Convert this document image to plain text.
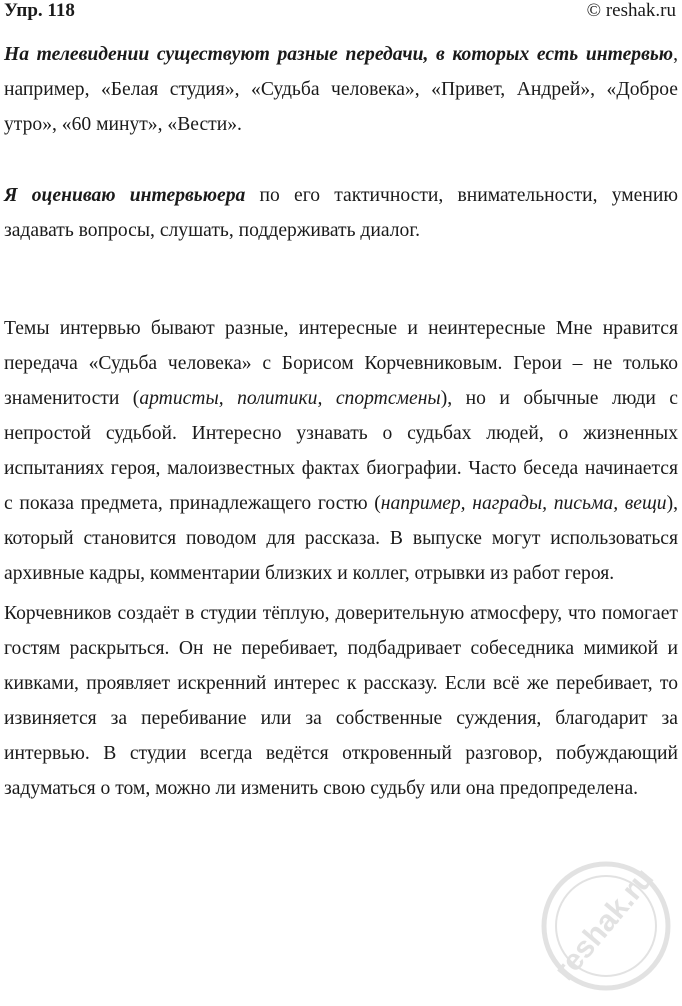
Упр. 118	© reshak.ru

На телевидении существуют разные передачи, в которых есть интервью, например, «Белая студия», «Судьба человека», «Привет, Андрей», «Доброе утро», «60 минут», «Вести».

Я оцениваю интервьюера по его тактичности, внимательности, умению задавать вопросы, слушать, поддерживать диалог.

Темы интервью бывают разные, интересные и неинтересные Мне нравится передача «Судьба человека» с Борисом Корчевниковым. Герои – не только знаменитости (артисты, политики, спортсмены), но и обычные люди с непростой судьбой. Интересно узнавать о судьбах людей, о жизненных испытаниях героя, малоизвестных фактах биографии. Часто беседа начинается с показа предмета, принадлежащего гостю (например, награды, письма, вещи), который становится поводом для рассказа. В выпуске могут использоваться архивные кадры, комментарии близких и коллег, отрывки из работ героя.

Корчевников создаёт в студии тёплую, доверительную атмосферу, что помогает гостям раскрыться. Он не перебивает, подбадривает собеседника мимикой и кивками, проявляет искренний интерес к рассказу. Если всё же перебивает, то извиняется за перебивание или за собственные суждения, благодарит за интервью. В студии всегда ведётся откровенный разговор, побуждающий задуматься о том, можно ли изменить свою судьбу или она предопределена.

reshak.ru
